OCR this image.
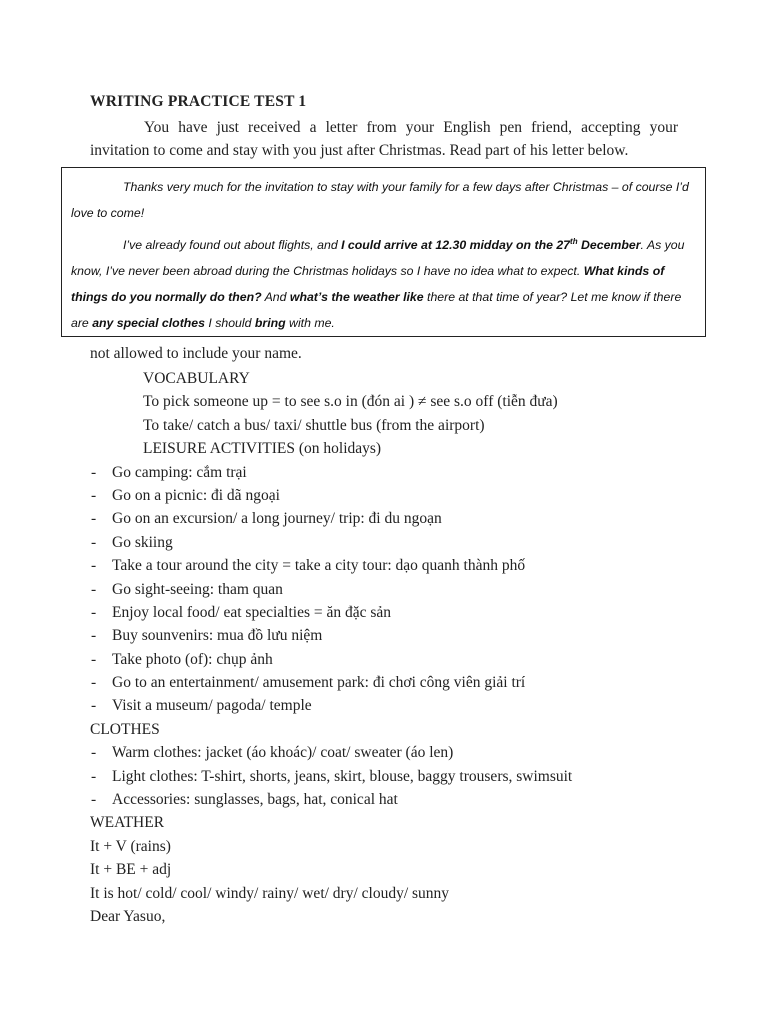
WRITING PRACTICE TEST 1
You have just received a letter from your English pen friend, accepting your invitation to come and stay with you just after Christmas. Read part of his letter below.
not allowed to include your name.

Thanks very much for the invitation to stay with your family for a few days after Christmas – of course I’d love to come!

I’ve already found out about flights, and I could arrive at 12.30 midday on the 27th December. As you know, I’ve never been abroad during the Christmas holidays so I have no idea what to expect. What kinds of things do you normally do then? And what’s the weather like there at that time of year? Let me know if there are any special clothes I should bring with me.

VOCABULARY
To pick someone up = to see s.o in (đón ai ) ≠ see s.o off (tiễn đưa)
To take/ catch a bus/ taxi/ shuttle bus (from the airport)
LEISURE ACTIVITIES (on holidays)
- Go camping: cắm trại
- Go on a picnic: đi dã ngoại
- Go on an excursion/ a long journey/ trip: đi du ngoạn
- Go skiing
- Take a tour around the city = take a city tour: dạo quanh thành phố
- Go sight-seeing: tham quan
- Enjoy local food/ eat specialties = ăn đặc sản
- Buy sounvenirs: mua đồ lưu niệm
- Take photo (of): chụp ảnh
- Go to an entertainment/ amusement park: đi chơi công viên giải trí
- Visit a museum/ pagoda/ temple
CLOTHES
- Warm clothes: jacket (áo khoác)/ coat/ sweater (áo len)
- Light clothes: T-shirt, shorts, jeans, skirt, blouse, baggy trousers, swimsuit
- Accessories: sunglasses, bags, hat, conical hat
WEATHER
It + V (rains)
It + BE + adj
It is hot/ cold/ cool/ windy/ rainy/ wet/ dry/ cloudy/ sunny
Dear Yasuo,
